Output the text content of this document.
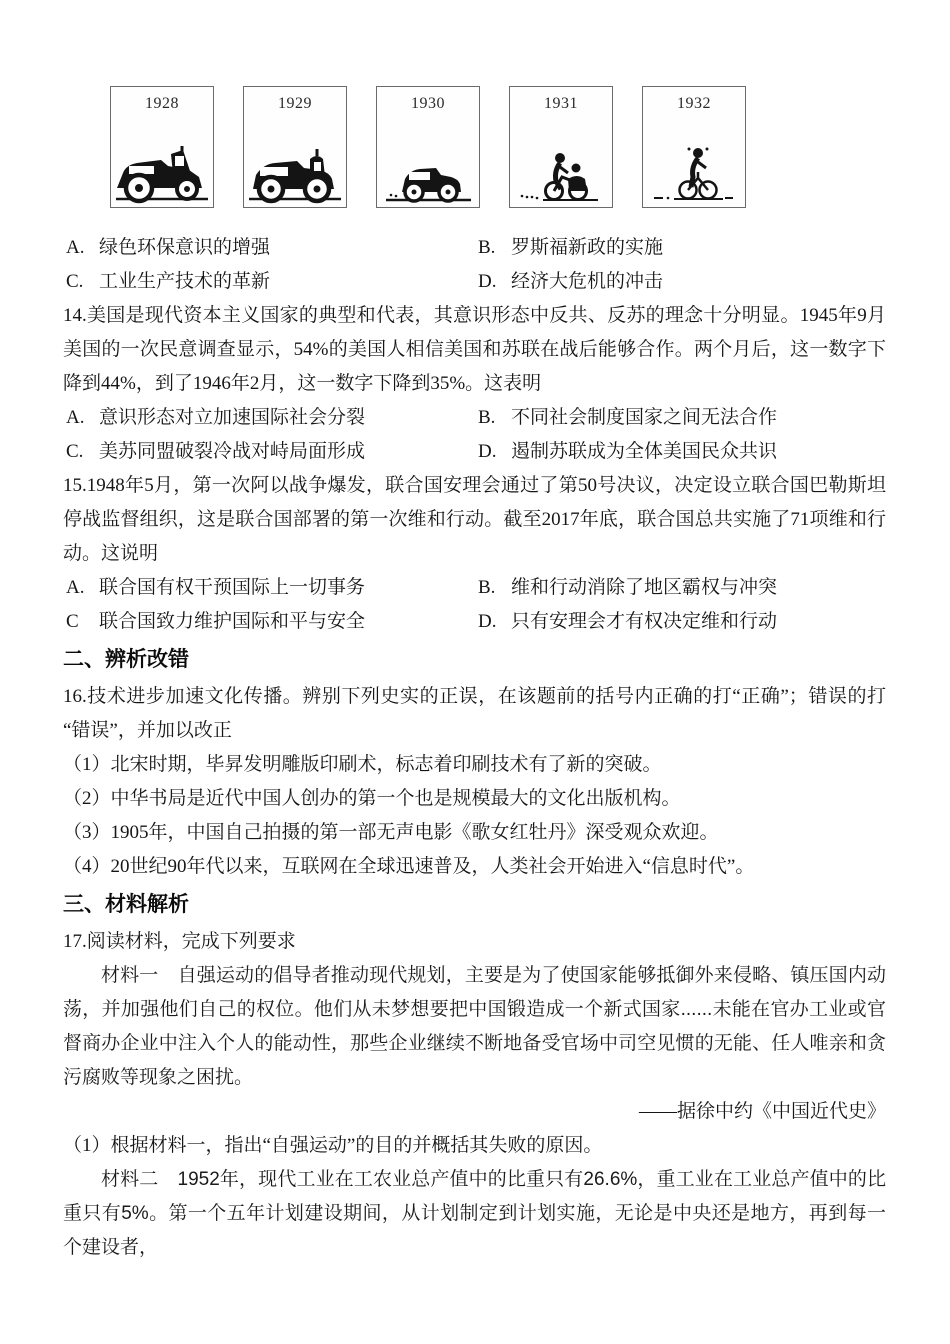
1928	1929	1930	1931	1932
A. 绿色环保意识的增强	B. 罗斯福新政的实施
C. 工业生产技术的革新	D. 经济大危机的冲击

14.美国是现代资本主义国家的典型和代表，其意识形态中反共、反苏的理念十分明显。1945年9月美国的一次民意调查显示，54%的美国人相信美国和苏联在战后能够合作。两个月后，这一数字下降到44%，到了1946年2月，这一数字下降到35%。这表明

A. 意识形态对立加速国际社会分裂	B. 不同社会制度国家之间无法合作
C. 美苏同盟破裂冷战对峙局面形成	D. 遏制苏联成为全体美国民众共识

15.1948年5月，第一次阿以战争爆发，联合国安理会通过了第50号决议，决定设立联合国巴勒斯坦停战监督组织，这是联合国部署的第一次维和行动。截至2017年底，联合国总共实施了71项维和行动。这说明

A. 联合国有权干预国际上一切事务	B. 维和行动消除了地区霸权与冲突
C 联合国致力维护国际和平与安全	D. 只有安理会才有权决定维和行动
二、辨析改错

16.技术进步加速文化传播。辨别下列史实的正误，在该题前的括号内正确的打“正确”；错误的打“错误”，并加以改正

（1）北宋时期，毕昇发明雕版印刷术，标志着印刷技术有了新的突破。

（2）中华书局是近代中国人创办的第一个也是规模最大的文化出版机构。

（3）1905年，中国自己拍摄的第一部无声电影《歌女红牡丹》深受观众欢迎。

（4）20世纪90年代以来，互联网在全球迅速普及，人类社会开始进入“信息时代”。

三、材料解析

17.阅读材料，完成下列要求

材料一　自强运动的倡导者推动现代规划，主要是为了使国家能够抵御外来侵略、镇压国内动荡，并加强他们自己的权位。他们从未梦想要把中国锻造成一个新式国家......未能在官办工业或官督商办企业中注入个人的能动性，那些企业继续不断地备受官场中司空见惯的无能、任人唯亲和贪污腐败等现象之困扰。

——据徐中约《中国近代史》

（1）根据材料一，指出“自强运动”的目的并概括其失败的原因。

材料二　1952年，现代工业在工农业总产值中的比重只有26.6%，重工业在工业总产值中的比重只有5%。第一个五年计划建设期间，从计划制定到计划实施，无论是中央还是地方，再到每一个建设者，
